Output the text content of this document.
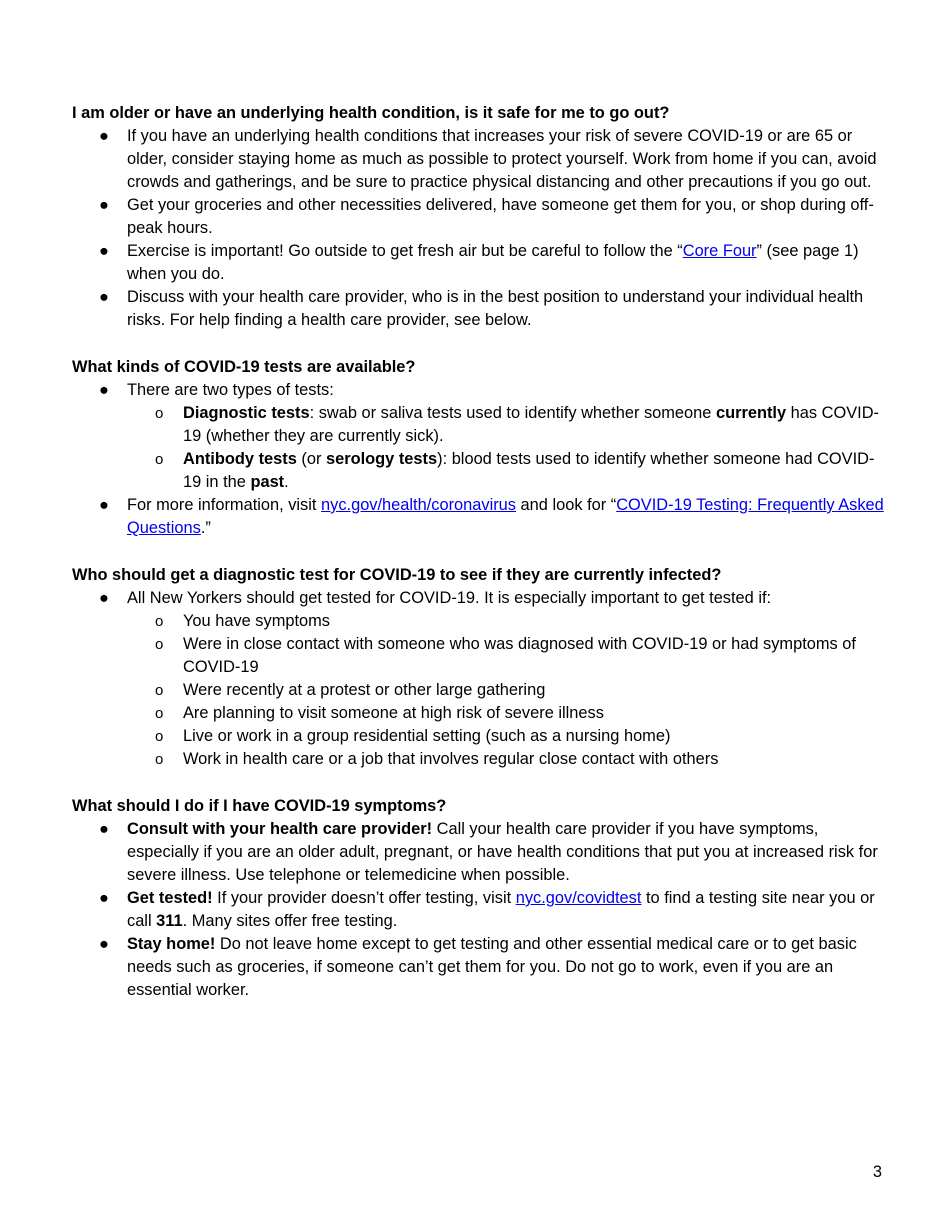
I am older or have an underlying health condition, is it safe for me to go out?

● If you have an underlying health conditions that increases your risk of severe COVID-19 or are 65 or older, consider staying home as much as possible to protect yourself. Work from home if you can, avoid crowds and gatherings, and be sure to practice physical distancing and other precautions if you go out.
● Get your groceries and other necessities delivered, have someone get them for you, or shop during off-peak hours.
● Exercise is important! Go outside to get fresh air but be careful to follow the “Core Four” (see page 1) when you do.
● Discuss with your health care provider, who is in the best position to understand your individual health risks. For help finding a health care provider, see below.

What kinds of COVID-19 tests are available?

● There are two types of tests:
o Diagnostic tests: swab or saliva tests used to identify whether someone currently has COVID-19 (whether they are currently sick).
o Antibody tests (or serology tests): blood tests used to identify whether someone had COVID-19 in the past.
● For more information, visit nyc.gov/health/coronavirus and look for “COVID-19 Testing: Frequently Asked Questions.”

Who should get a diagnostic test for COVID-19 to see if they are currently infected?

● All New Yorkers should get tested for COVID-19. It is especially important to get tested if:
o You have symptoms
o Were in close contact with someone who was diagnosed with COVID-19 or had symptoms of COVID-19
o Were recently at a protest or other large gathering
o Are planning to visit someone at high risk of severe illness
o Live or work in a group residential setting (such as a nursing home)
o Work in health care or a job that involves regular close contact with others

What should I do if I have COVID-19 symptoms?

● Consult with your health care provider! Call your health care provider if you have symptoms, especially if you are an older adult, pregnant, or have health conditions that put you at increased risk for severe illness. Use telephone or telemedicine when possible.
● Get tested! If your provider doesn’t offer testing, visit nyc.gov/covidtest to find a testing site near you or call 311. Many sites offer free testing.
● Stay home! Do not leave home except to get testing and other essential medical care or to get basic needs such as groceries, if someone can’t get them for you. Do not go to work, even if you are an essential worker.
3
